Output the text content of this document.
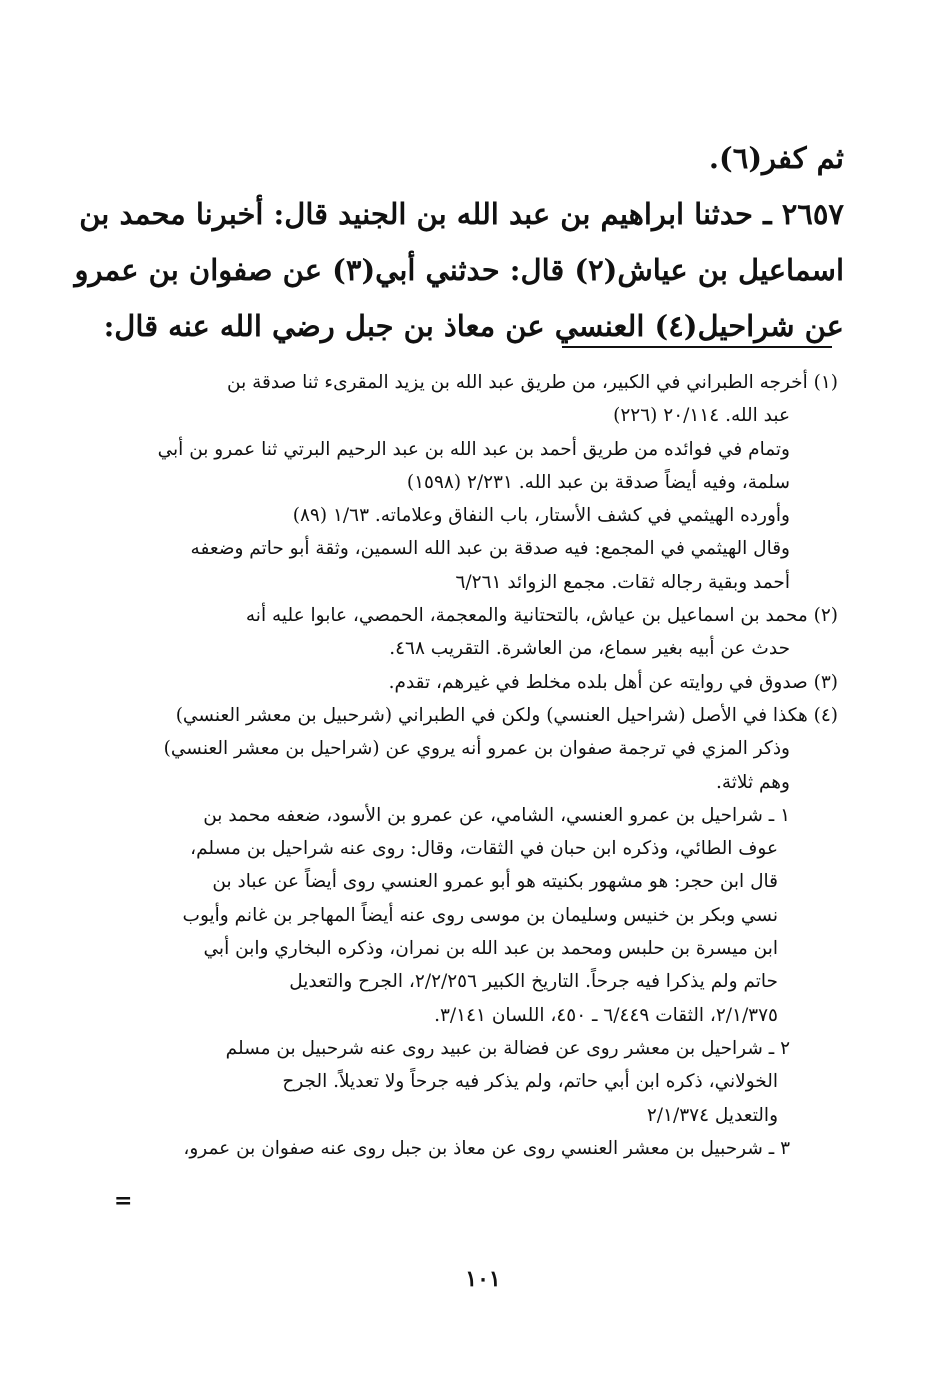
ثم كفر(٦).
٢٦٥٧ ـ حدثنا ابراهيم بن عبد الله بن الجنيد قال: أخبرنا محمد بن
اسماعيل بن عياش(٢) قال: حدثني أبي(٣) عن صفوان بن عمرو
عن شراحيل(٤) العنسي عن معاذ بن جبل رضي الله عنه قال:
(١) أخرجه الطبراني في الكبير، من طريق عبد الله بن يزيد المقرىء ثنا صدقة بن
عبد الله. ٢٠/١١٤ (٢٢٦)
وتمام في فوائده من طريق أحمد بن عبد الله بن عبد الرحيم البرتي ثنا عمرو بن أبي
سلمة، وفيه أيضاً صدقة بن عبد الله. ٢/٢٣١ (١٥٩٨)
وأورده الهيثمي في كشف الأستار، باب النفاق وعلاماته. ١/٦٣ (٨٩)
وقال الهيثمي في المجمع: فيه صدقة بن عبد الله السمين، وثقة أبو حاتم وضعفه
أحمد وبقية رجاله ثقات. مجمع الزوائد ٦/٢٦١
(٢) محمد بن اسماعيل بن عياش، بالتحتانية والمعجمة، الحمصي، عابوا عليه أنه
حدث عن أبيه بغير سماع، من العاشرة. التقريب ٤٦٨.
(٣) صدوق في روايته عن أهل بلده مخلط في غيرهم، تقدم.
(٤) هكذا في الأصل (شراحيل العنسي) ولكن في الطبراني (شرحبيل بن معشر العنسي)
وذكر المزي في ترجمة صفوان بن عمرو أنه يروي عن (شراحيل بن معشر العنسي)
وهم ثلاثة.
١ ـ شراحيل بن عمرو العنسي، الشامي، عن عمرو بن الأسود، ضعفه محمد بن
عوف الطائي، وذكره ابن حبان في الثقات، وقال: روى عنه شراحيل بن مسلم،
قال ابن حجر: هو مشهور بكنيته هو أبو عمرو العنسي روى أيضاً عن عباد بن
نسي وبكر بن خنيس وسليمان بن موسى روى عنه أيضاً المهاجر بن غانم وأيوب
ابن ميسرة بن حلبس ومحمد بن عبد الله بن نمران، وذكره البخاري وابن أبي
حاتم ولم يذكرا فيه جرحاً. التاريخ الكبير ٢/٢/٢٥٦، الجرح والتعديل
٢/١/٣٧٥، الثقات ٦/٤٤٩ ـ ٤٥٠، اللسان ٣/١٤١.
٢ ـ شراحيل بن معشر روى عن فضالة بن عبيد روى عنه شرحبيل بن مسلم
الخولاني، ذكره ابن أبي حاتم، ولم يذكر فيه جرحاً ولا تعديلاً. الجرح
والتعديل ٢/١/٣٧٤
٣ ـ شرحبيل بن معشر العنسي روى عن معاذ بن جبل روى عنه صفوان بن عمرو،
=
١٠١
